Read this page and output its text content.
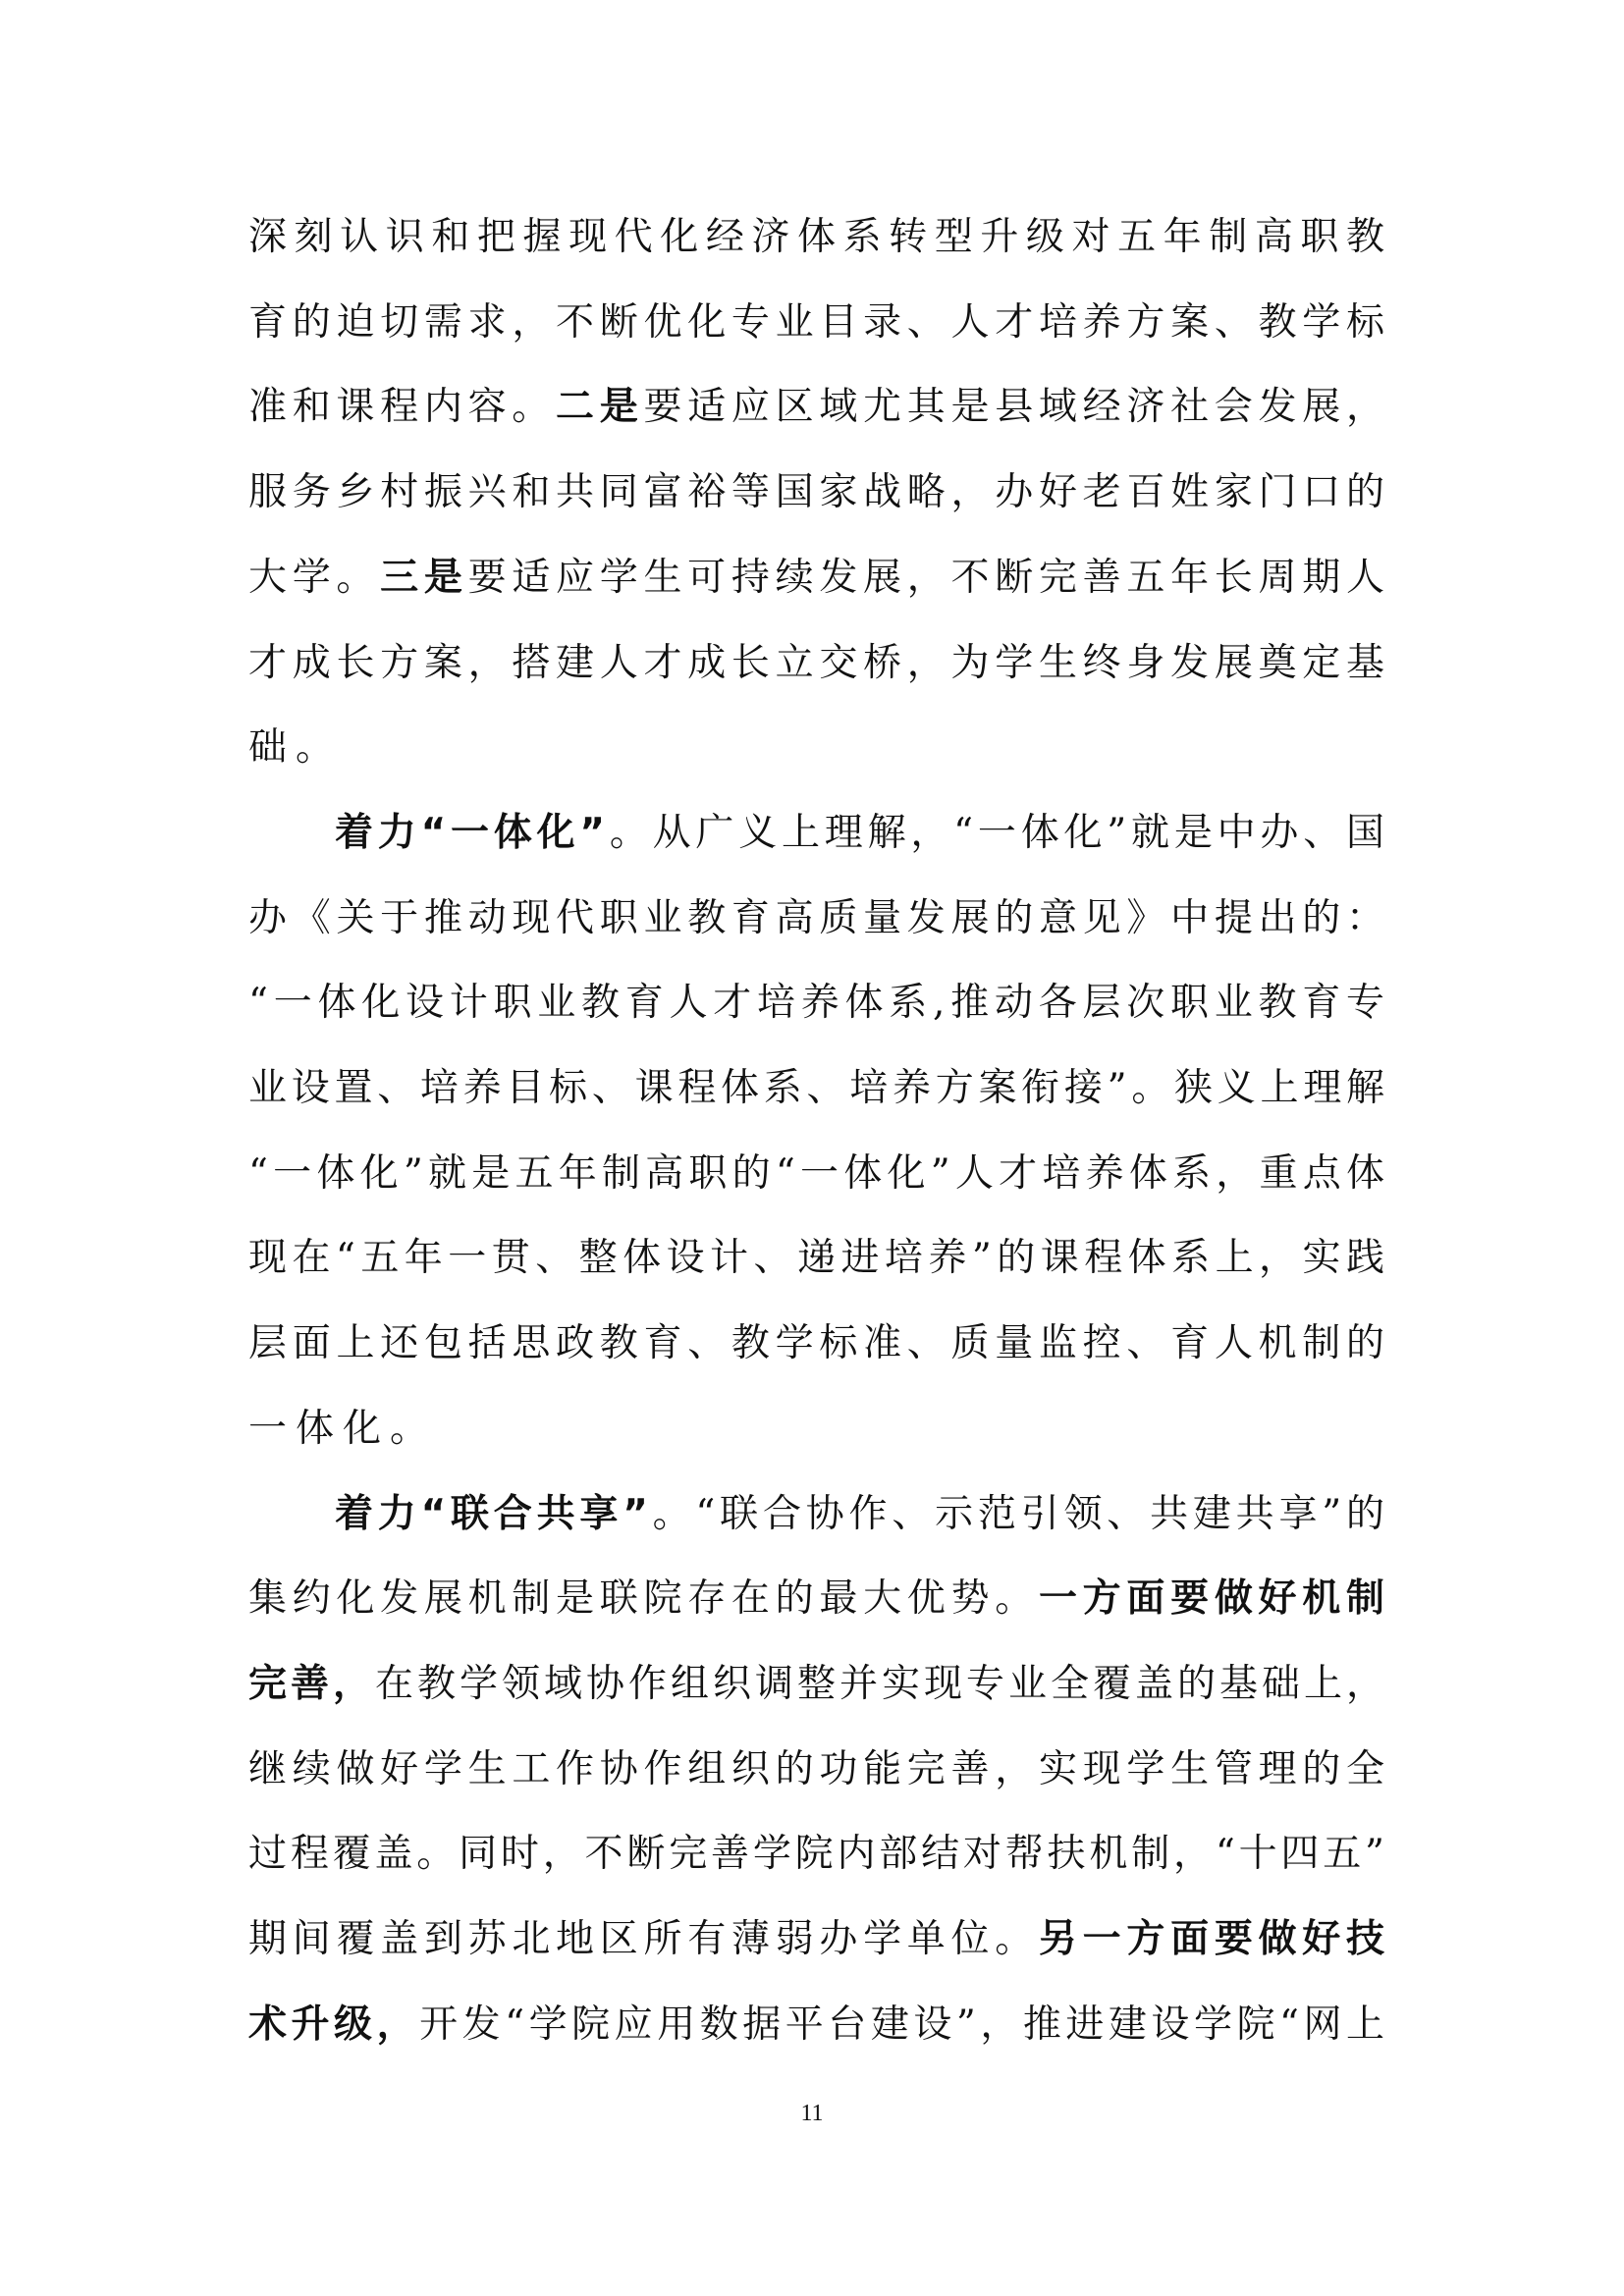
深刻认识和把握现代化经济体系转型升级对五年制高职教
育的迫切需求，不断优化专业目录、人才培养方案、教学标
准和课程内容。二是要适应区域尤其是县域经济社会发展，
服务乡村振兴和共同富裕等国家战略，办好老百姓家门口的
大学。三是要适应学生可持续发展，不断完善五年长周期人
才成长方案，搭建人才成长立交桥，为学生终身发展奠定基
础。
着力“一体化”。从广义上理解，“一体化”就是中办、国
办《关于推动现代职业教育高质量发展的意见》中提出的：
“一体化设计职业教育人才培养体系,推动各层次职业教育专
业设置、培养目标、课程体系、培养方案衔接”。狭义上理解
“一体化”就是五年制高职的“一体化”人才培养体系，重点体
现在“五年一贯、整体设计、递进培养”的课程体系上，实践
层面上还包括思政教育、教学标准、质量监控、育人机制的
一体化。
着力“联合共享”。“联合协作、示范引领、共建共享”的
集约化发展机制是联院存在的最大优势。一方面要做好机制
完善，在教学领域协作组织调整并实现专业全覆盖的基础上，
继续做好学生工作协作组织的功能完善，实现学生管理的全
过程覆盖。同时，不断完善学院内部结对帮扶机制，“十四五”
期间覆盖到苏北地区所有薄弱办学单位。另一方面要做好技
术升级，开发“学院应用数据平台建设”，推进建设学院“网上
11
